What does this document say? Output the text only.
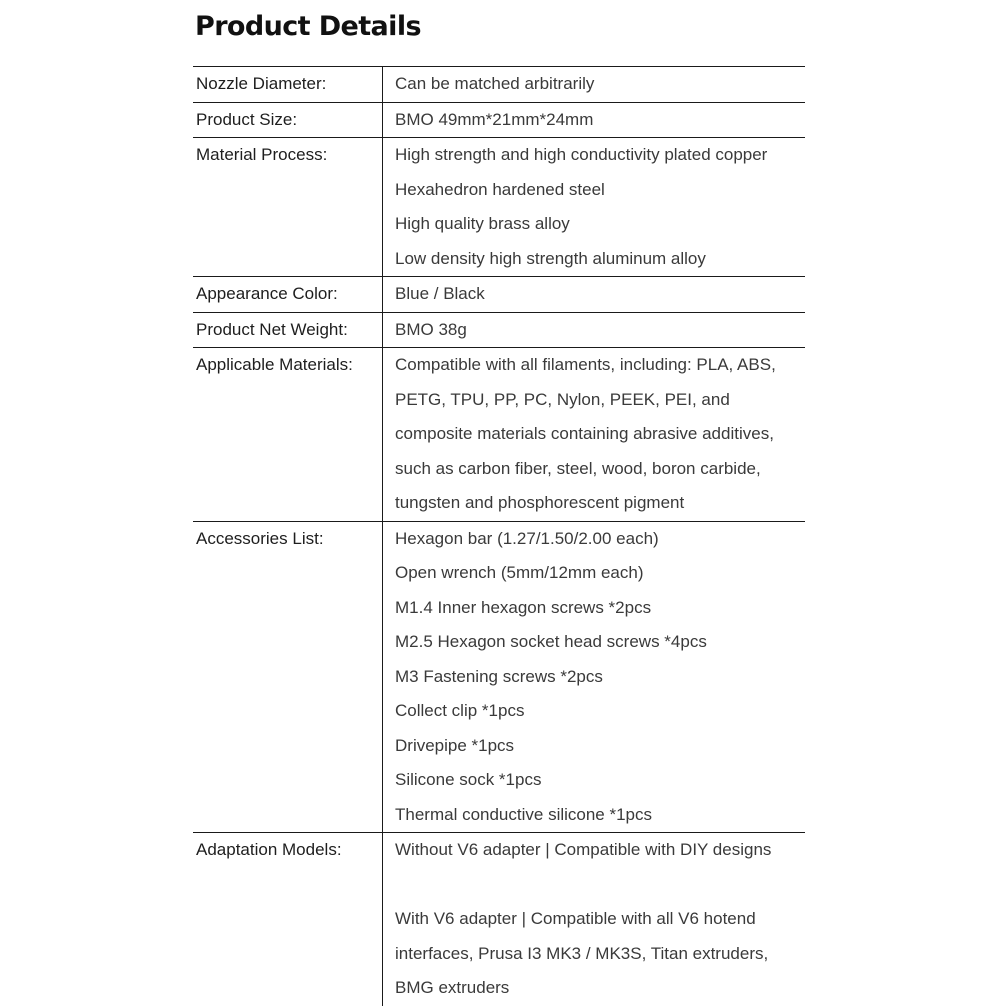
Product Details
Nozzle Diameter:	Can be matched arbitrarily
Product Size:	BMO 49mm*21mm*24mm
Material Process:	High strength and high conductivity plated copper
Hexahedron hardened steel
High quality brass alloy
Low density high strength aluminum alloy
Appearance Color:	Blue / Black
Product Net Weight:	BMO 38g
Applicable Materials:	Compatible with all filaments, including: PLA, ABS,
PETG, TPU, PP, PC, Nylon, PEEK, PEI, and
composite materials containing abrasive additives,
such as carbon fiber, steel, wood, boron carbide,
tungsten and phosphorescent pigment
Accessories List:	Hexagon bar (1.27/1.50/2.00 each)
Open wrench (5mm/12mm each)
M1.4 Inner hexagon screws *2pcs
M2.5 Hexagon socket head screws *4pcs
M3 Fastening screws *2pcs
Collect clip *1pcs
Drivepipe *1pcs
Silicone sock *1pcs
Thermal conductive silicone *1pcs
Adaptation Models:	Without V6 adapter | Compatible with DIY designs
With V6 adapter | Compatible with all V6 hotend
interfaces, Prusa I3 MK3 / MK3S, Titan extruders,
BMG extruders
